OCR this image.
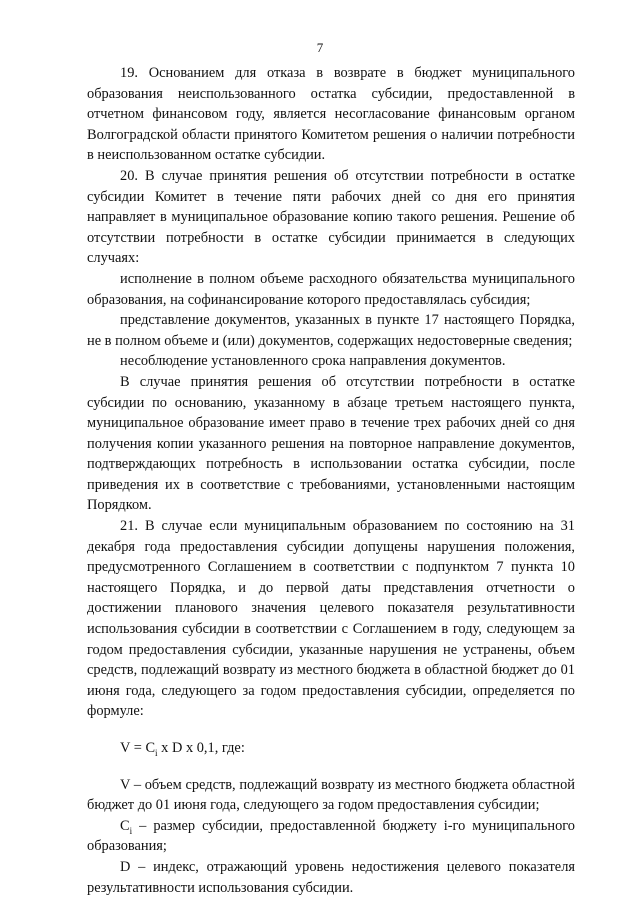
7

19. Основанием для отказа в возврате в бюджет муниципального образования неиспользованного остатка субсидии, предоставленной в отчетном финансовом году, является несогласование финансовым органом Волгоградской области принятого Комитетом решения о наличии потребности в неиспользованном остатке субсидии.

20. В случае принятия решения об отсутствии потребности в остатке субсидии Комитет в течение пяти рабочих дней со дня его принятия направляет в муниципальное образование копию такого решения. Решение об отсутствии потребности в остатке субсидии принимается в следующих случаях:

исполнение в полном объеме расходного обязательства муниципального образования, на софинансирование которого предоставлялась субсидия;

представление документов, указанных в пункте 17 настоящего Порядка, не в полном объеме и (или) документов, содержащих недостоверные сведения;

несоблюдение установленного срока направления документов.

В случае принятия решения об отсутствии потребности в остатке субсидии по основанию, указанному в абзаце третьем настоящего пункта, муниципальное образование имеет право в течение трех рабочих дней со дня получения копии указанного решения на повторное направление документов, подтверждающих потребность в использовании остатка субсидии, после приведения их в соответствие с требованиями, установленными настоящим Порядком.

21. В случае если муниципальным образованием по состоянию на 31 декабря года предоставления субсидии допущены нарушения положения, предусмотренного Соглашением в соответствии с подпунктом 7 пункта 10 настоящего Порядка, и до первой даты представления отчетности о достижении планового значения целевого показателя результативности использования субсидии в соответствии с Соглашением в году, следующем за годом предоставления субсидии, указанные нарушения не устранены, объем средств, подлежащий возврату из местного бюджета в областной бюджет до 01 июня года, следующего за годом предоставления субсидии, определяется по формуле:

$V = C_i$ x D x 0,1, где:

V – объем средств, подлежащий возврату из местного бюджета областной бюджет до 01 июня года, следующего за годом предоставления субсидии;

$C_i$ – размер субсидии, предоставленной бюджету i-го муниципального образования;

D – индекс, отражающий уровень недостижения целевого показателя результативности использования субсидии.
